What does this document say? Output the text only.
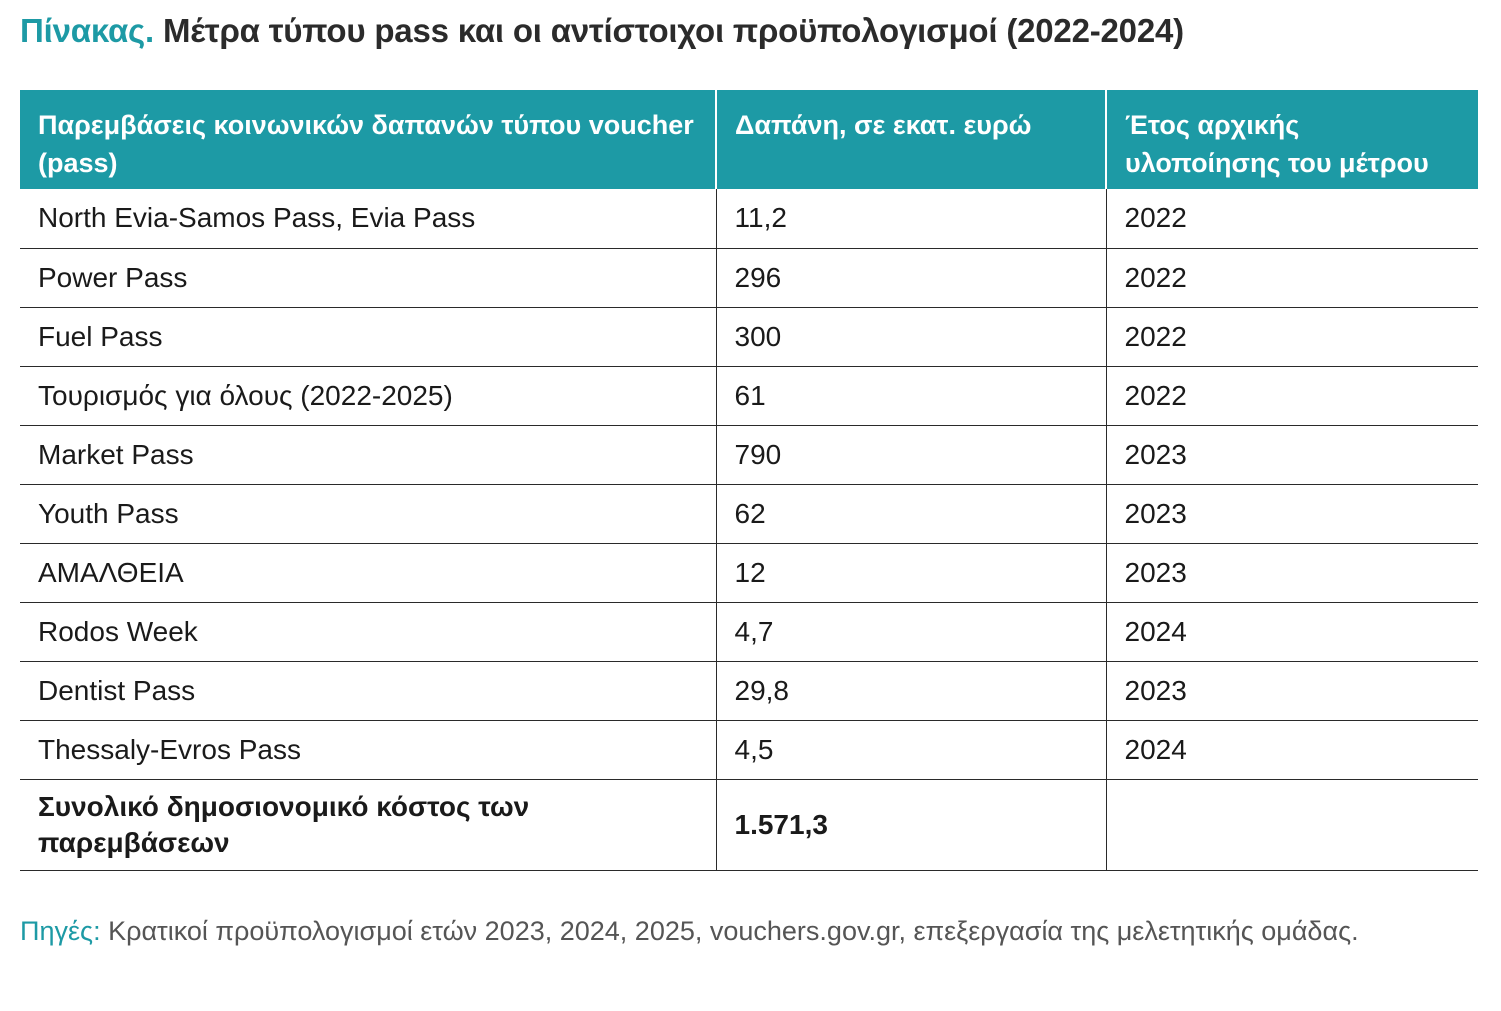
Πίνακας. Μέτρα τύπου pass και οι αντίστοιχοι προϋπολογισμοί (2022-2024)
Παρεμβάσεις κοινωνικών δαπανών τύπου voucher (pass)	Δαπάνη, σε εκατ. ευρώ	Έτος αρχικής υλοποίησης του μέτρου
North Evia-Samos Pass, Evia Pass	11,2	2022
Power Pass	296	2022
Fuel Pass	300	2022
Τουρισμός για όλους (2022-2025)	61	2022
Market Pass	790	2023
Youth Pass	62	2023
ΑΜΑΛΘΕΙΑ	12	2023
Rodos Week	4,7	2024
Dentist Pass	29,8	2023
Thessaly-Evros Pass	4,5	2024
Συνολικό δημοσιονομικό κόστος των παρεμβάσεων	1.571,3	
Πηγές: Κρατικοί προϋπολογισμοί ετών 2023, 2024, 2025, vouchers.gov.gr, επεξεργασία της μελετητικής ομάδας.
